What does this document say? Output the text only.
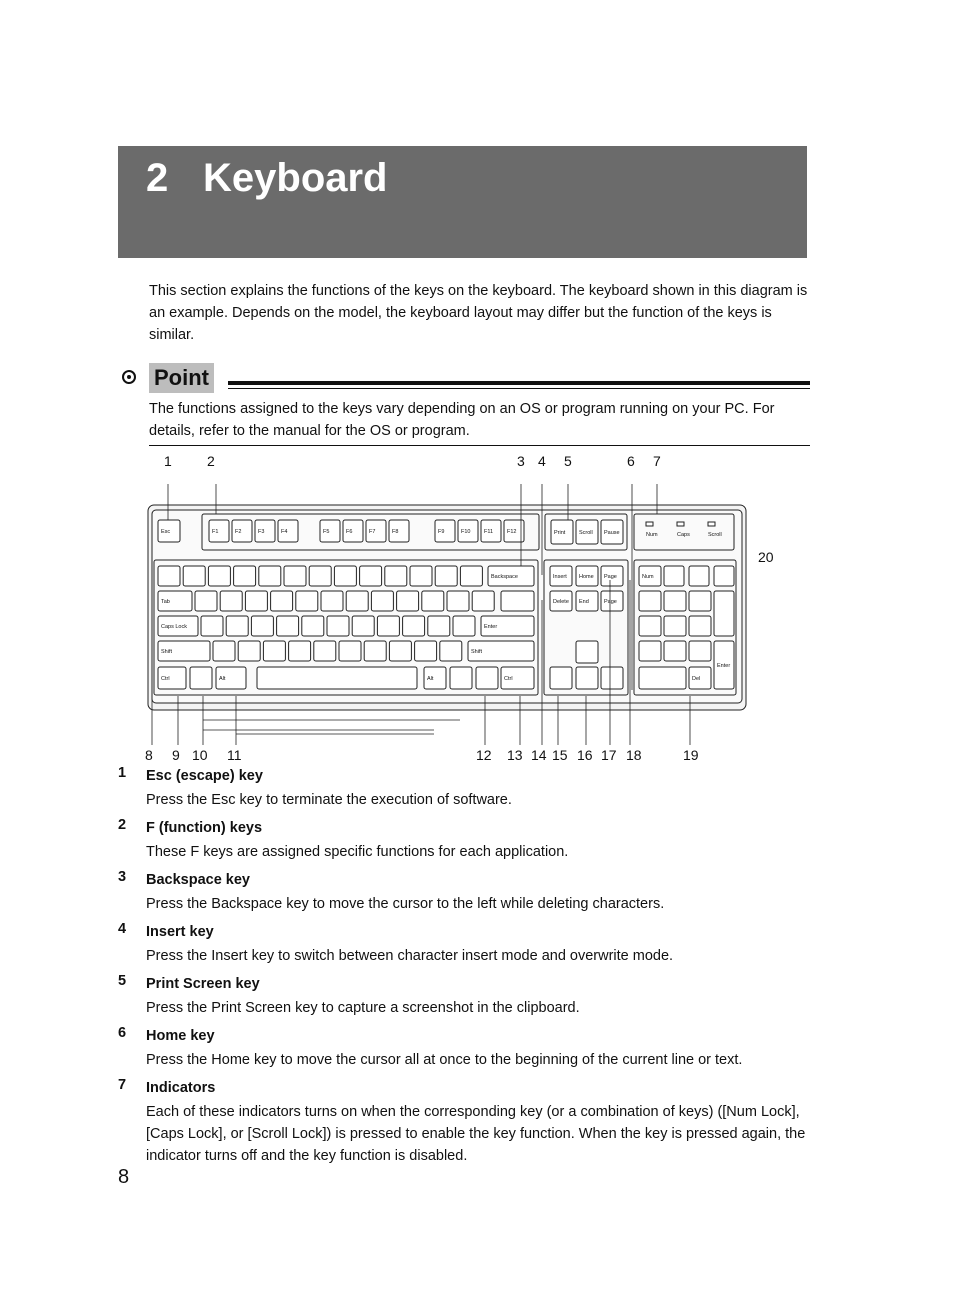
2 Keyboard
This section explains the functions of the keys on the keyboard. The keyboard shown in this diagram is an example. Depends on the model, the keyboard layout may differ but the function of the keys is similar.
Point
The functions assigned to the keys vary depending on an OS or program running on your PC. For details, refer to the manual for the OS or program.
Esc	F1	F2	F3	F4	F5	F6	F7	F8	F9	F10 F11	F12	Print Scroll Pause	Num	Caps	Scroll
Backspace
Tab
Caps Lock	Enter
Shift	Shift
Ctrl	Alt	Alt	Ctrl
Insert Home Page
Delete End	Page
Num
Enter
Del
1	2	3 4 5	6 7
20
8 9 10 11	12 13 14 15 16 17 18	19
1 Esc (escape) key
Press the Esc key to terminate the execution of software.
2 F (function) keys
These F keys are assigned specific functions for each application.
3 Backspace key
Press the Backspace key to move the cursor to the left while deleting characters.
4 Insert key
Press the Insert key to switch between character insert mode and overwrite mode.
5 Print Screen key
Press the Print Screen key to capture a screenshot in the clipboard.
6 Home key
Press the Home key to move the cursor all at once to the beginning of the current line or text.
7 Indicators
Each of these indicators turns on when the corresponding key (or a combination of keys) ([Num Lock], [Caps Lock], or [Scroll Lock]) is pressed to enable the key function. When the key is pressed again, the indicator turns off and the key function is disabled.
8
